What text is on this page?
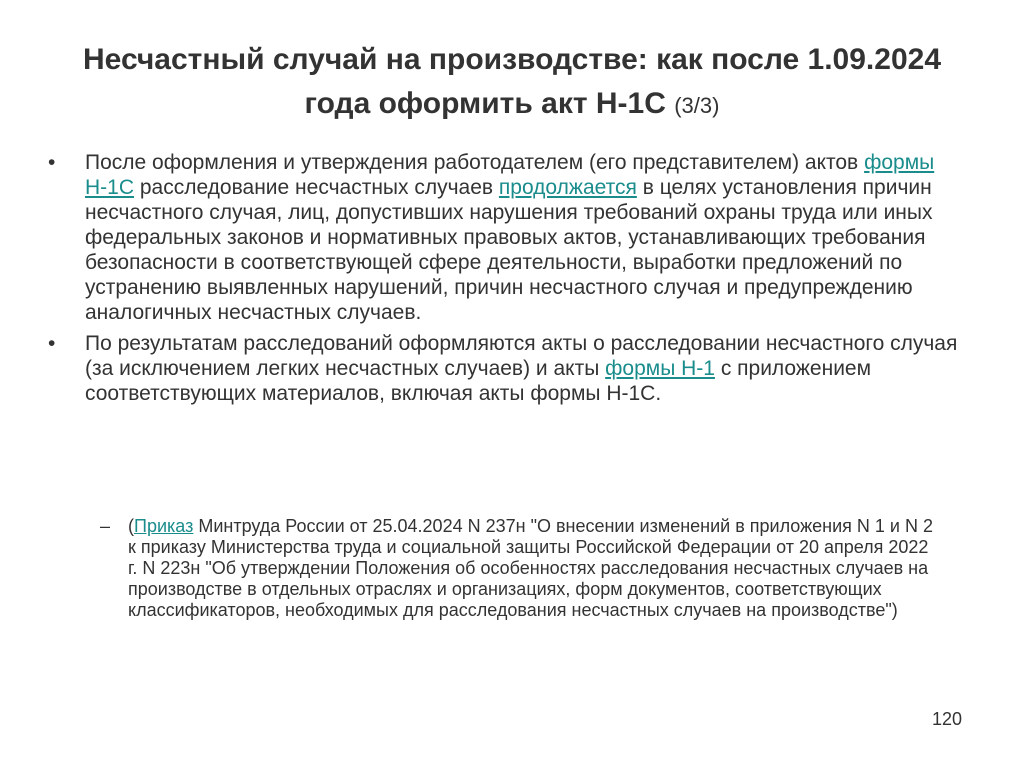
Несчастный случай на производстве: как после 1.09.2024 года оформить акт Н-1С (3/3)
•	После оформления и утверждения работодателем (его представителем) актов формы Н-1С расследование несчастных случаев продолжается в целях установления причин несчастного случая, лиц, допустивших нарушения требований охраны труда или иных федеральных законов и нормативных правовых актов, устанавливающих требования безопасности в соответствующей сфере деятельности, выработки предложений по устранению выявленных нарушений, причин несчастного случая и предупреждению аналогичных несчастных случаев.
•	По результатам расследований оформляются акты о расследовании несчастного случая (за исключением легких несчастных случаев) и акты формы Н-1 с приложением соответствующих материалов, включая акты формы Н-1С.
– (Приказ Минтруда России от 25.04.2024 N 237н "О внесении изменений в приложения N 1 и N 2 к приказу Министерства труда и социальной защиты Российской Федерации от 20 апреля 2022 г. N 223н "Об утверждении Положения об особенностях расследования несчастных случаев на производстве в отдельных отраслях и организациях, форм документов, соответствующих классификаторов, необходимых для расследования несчастных случаев на производстве")
120
